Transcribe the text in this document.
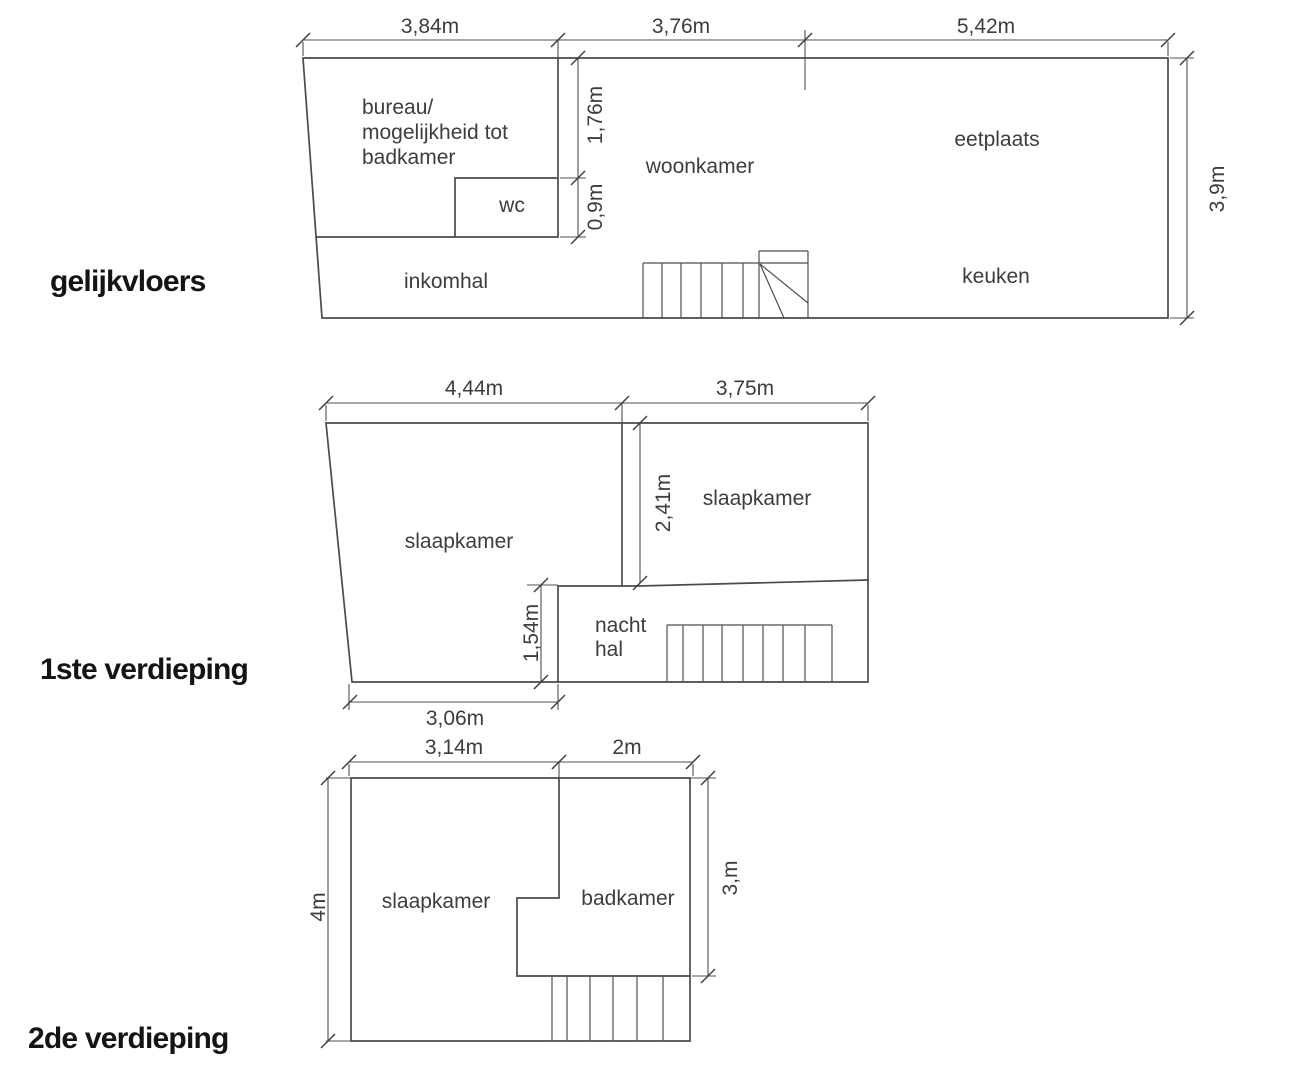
3,84m	3,76m	5,42m
1,76m
0,9m	3,9m
bureau/
mogelijkheid tot
badkamer
wc
woonkamer
inkomhal
eetplaats
keuken
gelijkvloers
4,44m	3,75m
2,41m
1,54m
3,06m
slaapkamer
slaapkamer
nacht
hal
1ste verdieping
3,14m	2m
4m
3,m
slaapkamer	badkamer
2de verdieping
